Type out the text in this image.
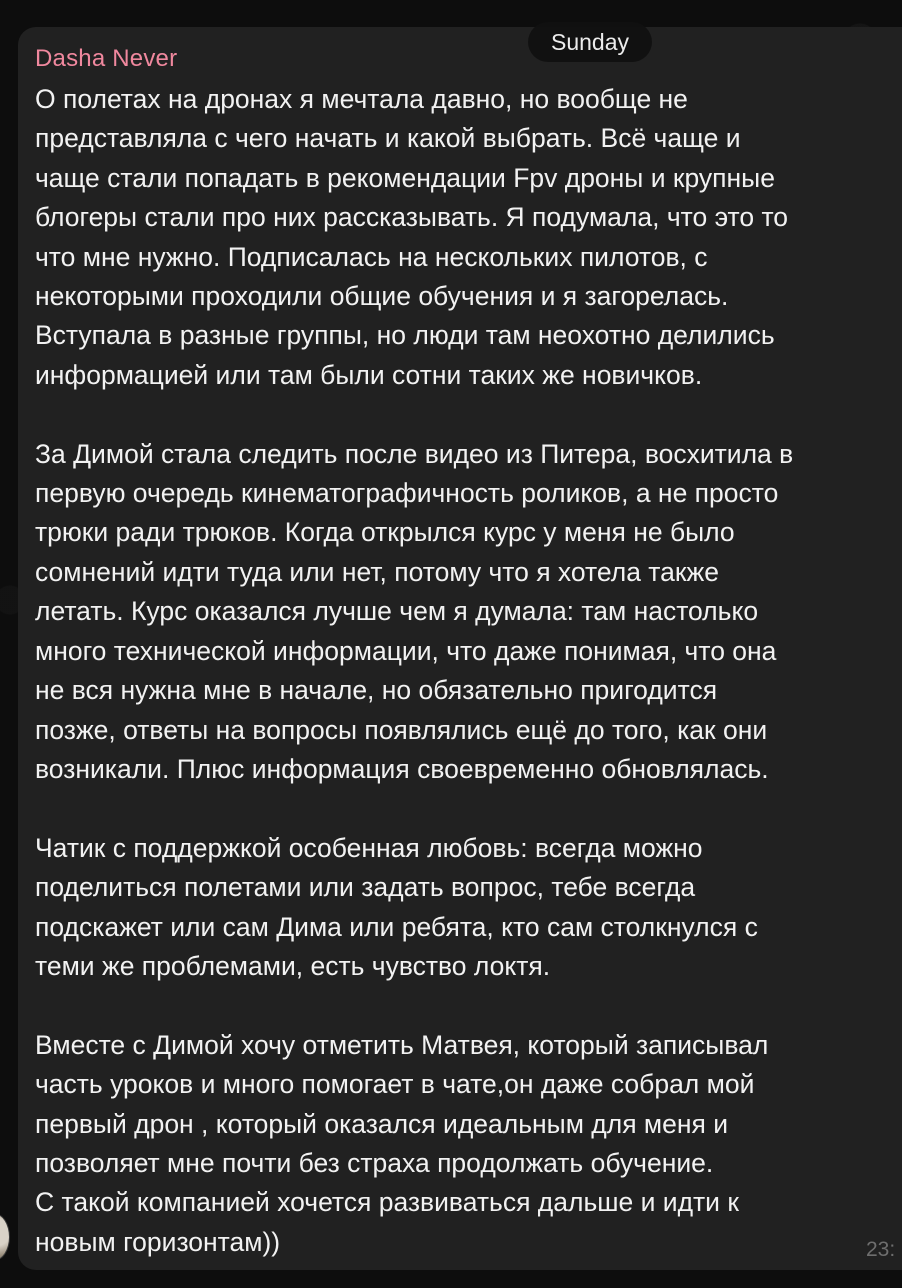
Dasha Never
О полетах на дронах я мечтала давно, но вообще не
представляла с чего начать и какой выбрать. Всё чаще и
чаще стали попадать в рекомендации Fpv дроны и крупные
блогеры стали про них рассказывать. Я подумала, что это то
что мне нужно. Подписалась на нескольких пилотов, с
некоторыми проходили общие обучения и я загорелась.
Вступала в разные группы, но люди там неохотно делились
информацией или там были сотни таких же новичков.

За Димой стала следить после видео из Питера, восхитила в
первую очередь кинематографичность роликов, а не просто
трюки ради трюков. Когда открылся курс у меня не было
сомнений идти туда или нет, потому что я хотела также
летать. Курс оказался лучше чем я думала: там настолько
много технической информации, что даже понимая, что она
не вся нужна мне в начале, но обязательно пригодится
позже, ответы на вопросы появлялись ещё до того, как они
возникали. Плюс информация своевременно обновлялась.

Чатик с поддержкой особенная любовь: всегда можно
поделиться полетами или задать вопрос, тебе всегда
подскажет или сам Дима или ребята, кто сам столкнулся с
теми же проблемами, есть чувство локтя.

Вместе с Димой хочу отметить Матвея, который записывал
часть уроков и много помогает в чате,он даже собрал мой
первый дрон , который оказался идеальным для меня и
позволяет мне почти без страха продолжать обучение.
С такой компанией хочется развиваться дальше и идти к
новым горизонтам))
Sunday
23:
